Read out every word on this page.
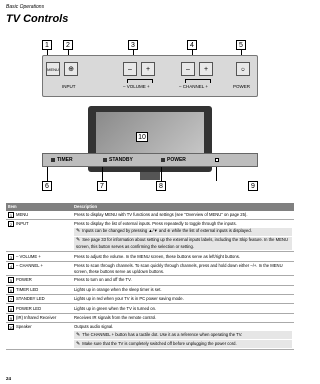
Basic Operations
TV Controls
1	2	3	4	5
MENU	⊕	–	+	–	+	⏻
INPUT	– VOLUME +	– CHANNEL +	POWER
10
TIMER	STANDBY	POWER
6	7	8	9
Item	Description
1 MENU	Press to display MENU with TV functions and settings (see "Overview of MENU" on page 25).
2 INPUT	Press to display the list of external inputs. Press repeatedly to toggle through the inputs.
✎ Inputs can be changed by pressing ▲/▼ and ⊕ while the list of external inputs is displayed.
✎ See page 33 for information about setting up the external inputs labels, including the Skip feature. In the MENU screen, this button serves as confirming the selection or setting.

3 – VOLUME +	Press to adjust the volume. In the MENU screen, these buttons serve as left/right buttons.
4 – CHANNEL +	Press to scan through channels. To scan quickly through channels, press and hold down either –/+. In the MENU screen, these buttons serve as up/down buttons.
5 POWER	Press to turn on and off the TV.
6 TIMER LED	Lights up in orange when the sleep timer is set.
7 STANDBY LED	Lights up in red when your TV is in PC power saving mode.
8 POWER LED	Lights up in green when the TV is turned on.
9 (IR) Infrared Receiver	Receives IR signals from the remote control.
10 Speaker	Outputs audio signal.
✎ The CHANNEL + button has a tactile dot. Use it as a reference when operating the TV.
✎ Make sure that the TV is completely switched off before unplugging the power cord.
24
